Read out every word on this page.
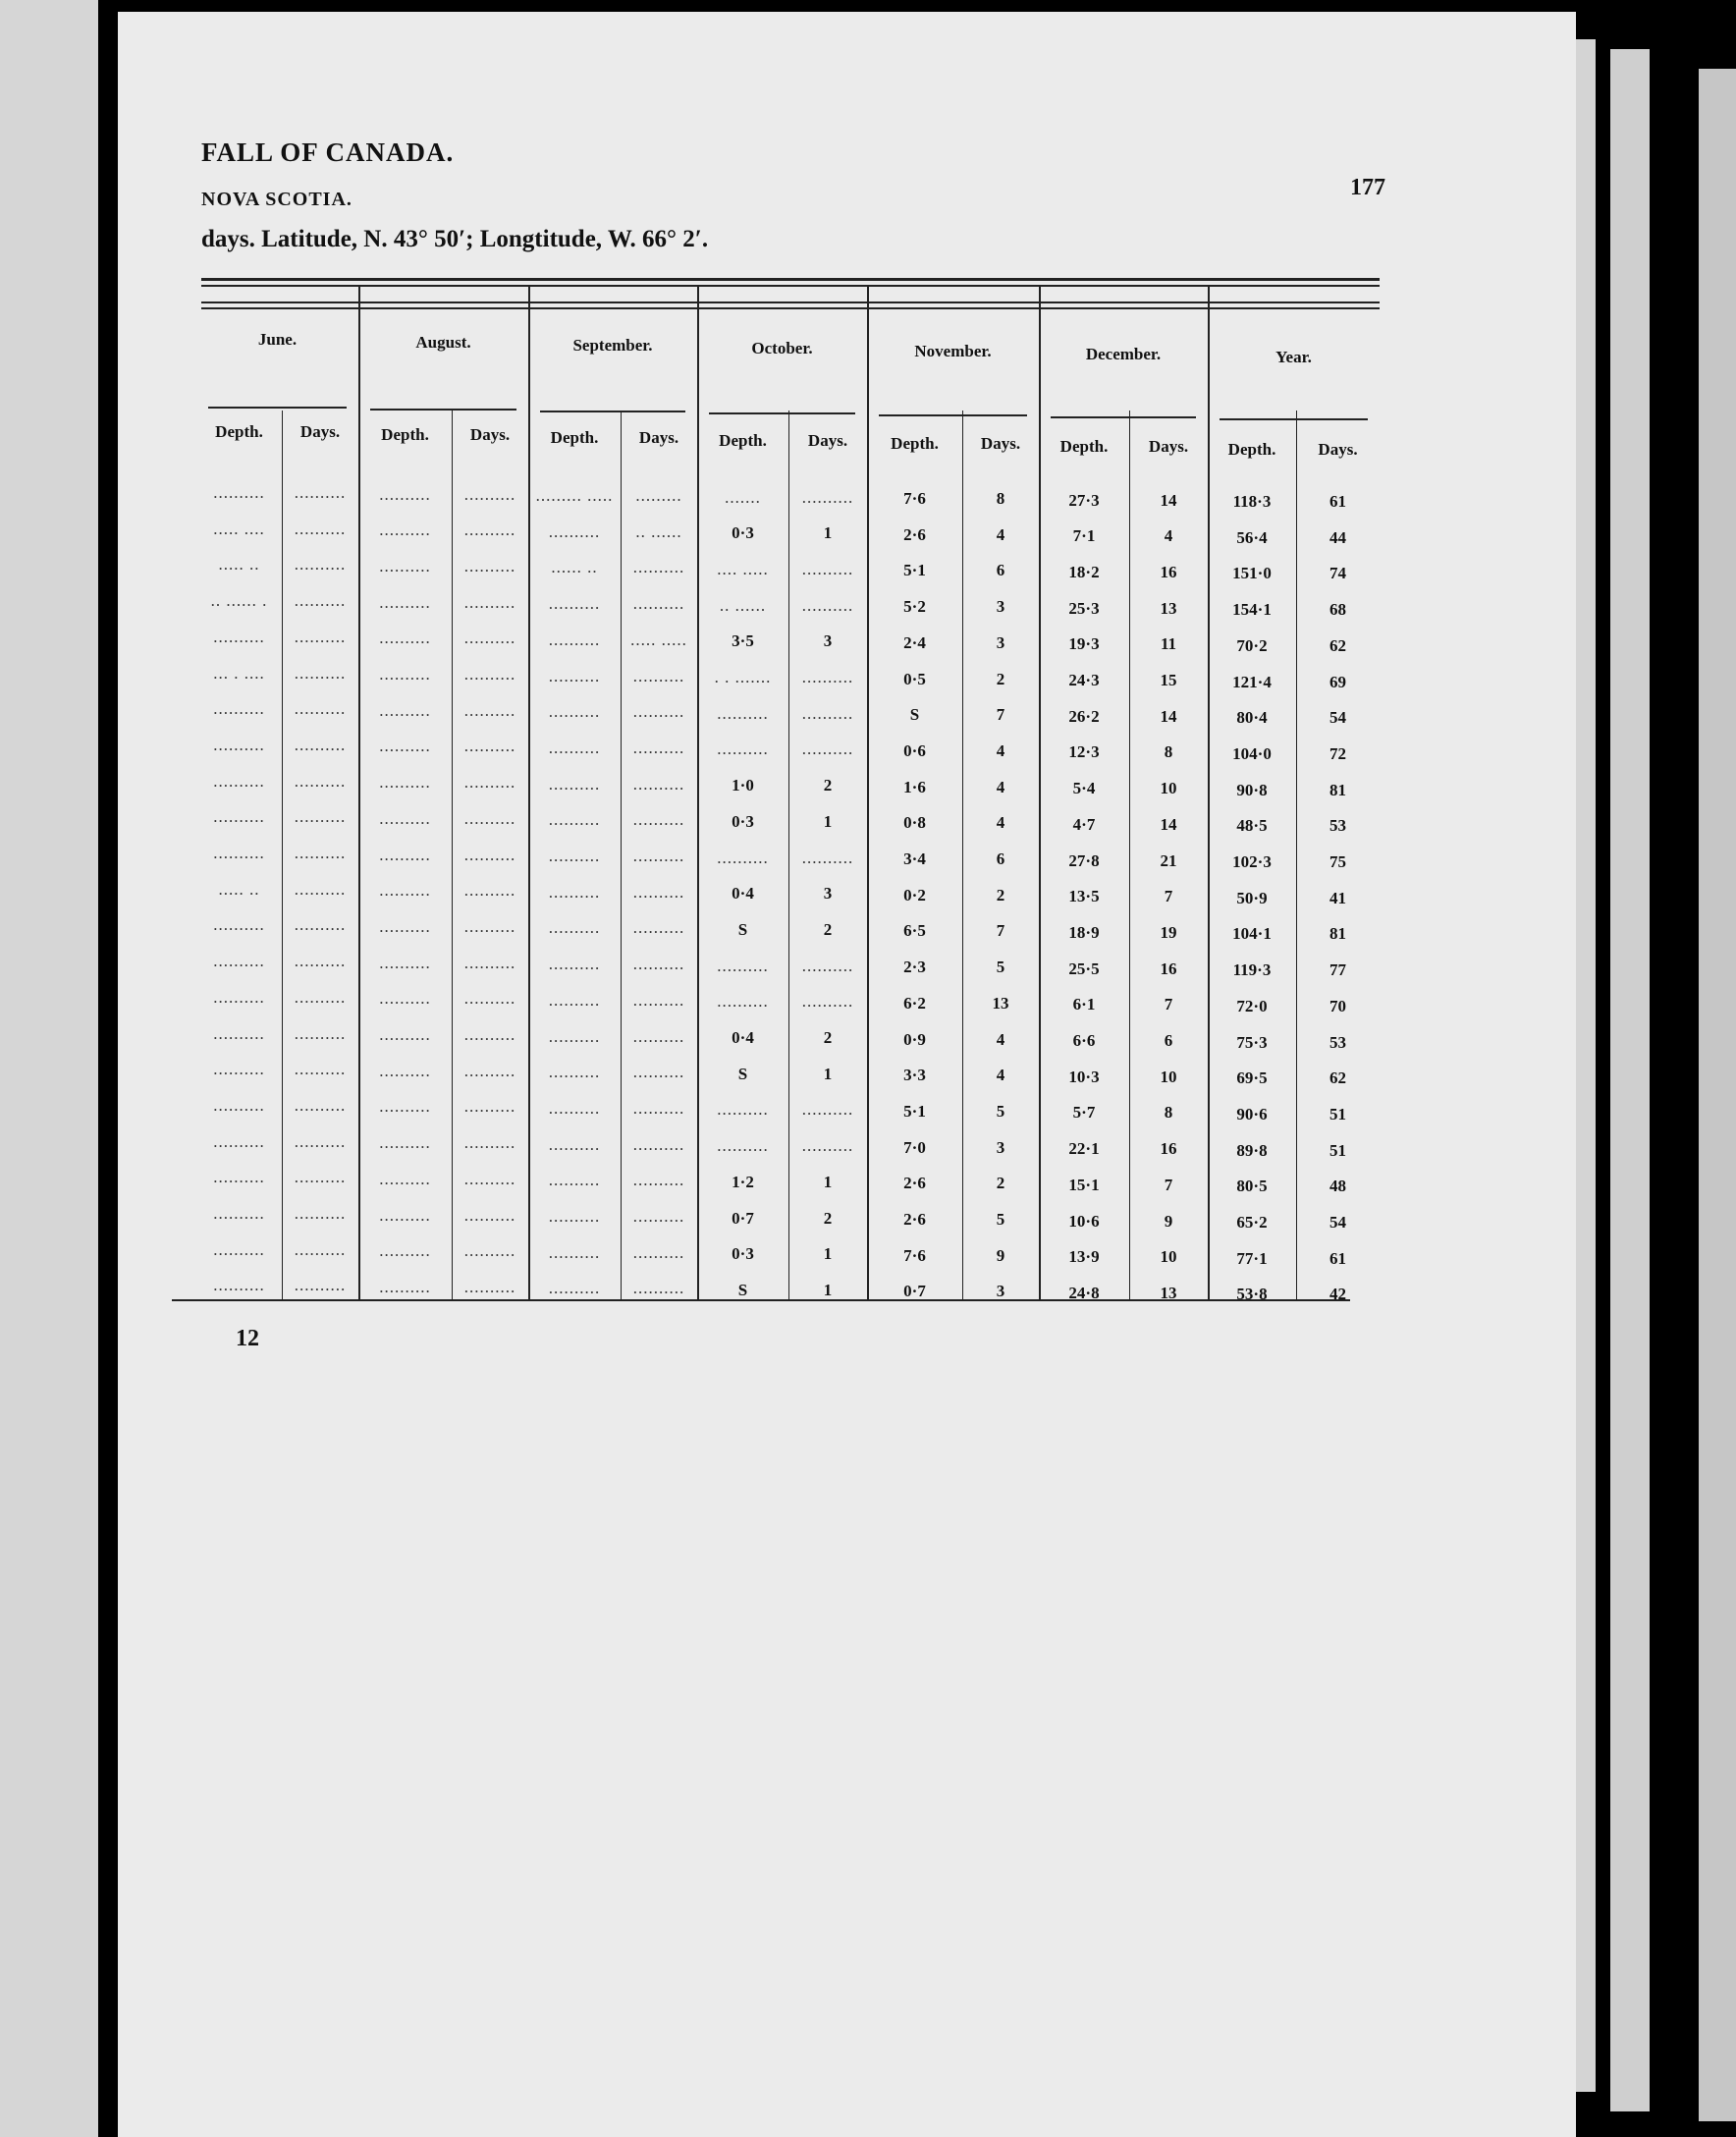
FALL OF CANADA.
NOVA SCOTIA.
days. Latitude, N. 43° 50′; Longtitude, W. 66° 2′.
177
12
June.	August.	September.	October.	November.	December.	Year.
Depth.	Days.	Depth.	Days.	Depth.	Days.	Depth.	Days.	Depth.	Days.	Depth.	Days.	Depth.	Days.
..........	..........	..........	..........	......... .....	.........	.......	..........	7·6	8	27·3	14	118·3	61
..... ....	..........	..........	..........	..........	.. ......	0·3	1	2·6	4	7·1	4	56·4	44
..... ..	..........	..........	..........	...... ..	..........	.... .....	..........	5·1	6	18·2	16	151·0	74
.. ...... .	..........	..........	..........	..........	..........	.. ......	..........	5·2	3	25·3	13	154·1	68
..........	..........	..........	..........	..........	..... .....	3·5	3	2·4	3	19·3	11	70·2	62
... . ....	..........	..........	..........	..........	..........	. . .......	..........	0·5	2	24·3	15	121·4	69
..........	..........	..........	..........	..........	..........	..........	..........	S	7	26·2	14	80·4	54
..........	..........	..........	..........	..........	..........	..........	..........	0·6	4	12·3	8	104·0	72
..........	..........	..........	..........	..........	..........	1·0	2	1·6	4	5·4	10	90·8	81
..........	..........	..........	..........	..........	..........	0·3	1	0·8	4	4·7	14	48·5	53
..........	..........	..........	..........	..........	..........	..........	..........	3·4	6	27·8	21	102·3	75
..... ..	..........	..........	..........	..........	..........	0·4	3	0·2	2	13·5	7	50·9	41
..........	..........	..........	..........	..........	..........	S	2	6·5	7	18·9	19	104·1	81
..........	..........	..........	..........	..........	..........	..........	..........	2·3	5	25·5	16	119·3	77
..........	..........	..........	..........	..........	..........	..........	..........	6·2	13	6·1	7	72·0	70
..........	..........	..........	..........	..........	..........	0·4	2	0·9	4	6·6	6	75·3	53
..........	..........	..........	..........	..........	..........	S	1	3·3	4	10·3	10	69·5	62
..........	..........	..........	..........	..........	..........	..........	..........	5·1	5	5·7	8	90·6	51
..........	..........	..........	..........	..........	..........	..........	..........	7·0	3	22·1	16	89·8	51
..........	..........	..........	..........	..........	..........	1·2	1	2·6	2	15·1	7	80·5	48
..........	..........	..........	..........	..........	..........	0·7	2	2·6	5	10·6	9	65·2	54
..........	..........	..........	..........	..........	..........	0·3	1	7·6	9	13·9	10	77·1	61
..........	..........	..........	..........	..........	..........	S	1	0·7	3	24·8	13	53·8	42
